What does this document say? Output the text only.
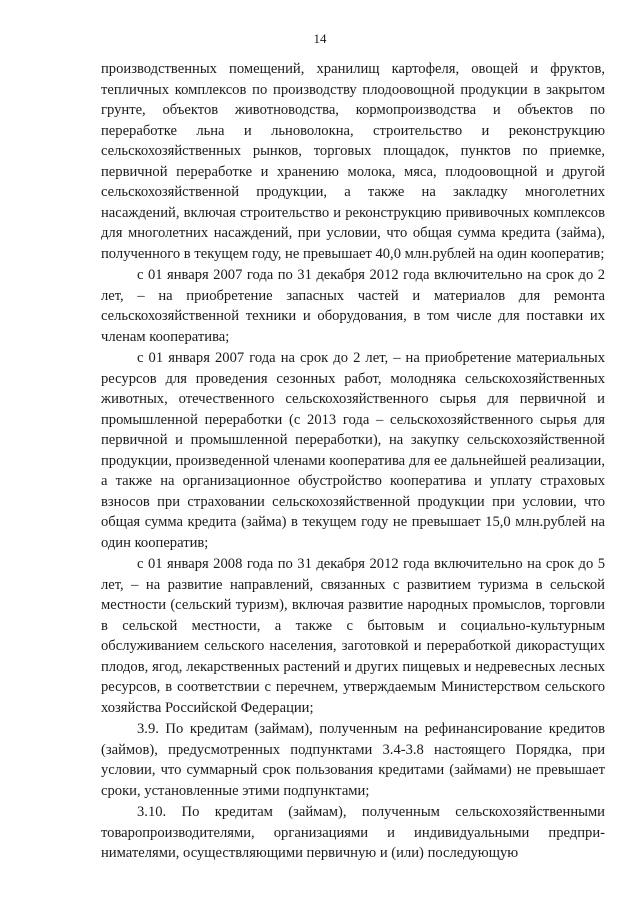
14

производственных помещений, хранилищ картофеля, овощей и фруктов, тепличных комплексов по производству плодоовощной продукции в закрытом грунте, объектов животноводства, кормопроизводства и объектов по переработке льна и льноволокна, строительство и реконструкцию сельскохозяйственных рынков, торговых площадок, пунктов по приемке, первичной переработке и хранению молока, мяса, плодоовощной и другой сельскохозяйственной продукции, а также на закладку многолетних насаждений, включая строительство и реконструкцию прививочных комплексов для многолетних насаждений, при условии, что общая сумма кредита (займа), полученного в текущем году, не превышает 40,0 млн.рублей на один кооператив;

с 01 января 2007 года по 31 декабря 2012 года включительно на срок до 2 лет, – на приобретение запасных частей и материалов для ремонта сельскохозяйственной техники и оборудования, в том числе для поставки их членам кооператива;

с 01 января 2007 года на срок до 2 лет, – на приобретение материальных ресурсов для проведения сезонных работ, молодняка сельскохозяйственных животных, отечественного сельскохозяйственного сырья для первичной и промышленной переработки (с 2013 года – сельскохозяйственного сырья для первичной и промышленной переработки), на закупку сельскохозяйственной продукции, произведенной членами кооператива для ее дальнейшей реализации, а также на организационное обустройство кооператива и уплату страховых взносов при страховании сельскохозяйственной продукции при условии, что общая сумма кредита (займа) в текущем году не превышает 15,0 млн.рублей на один кооператив;

с 01 января 2008 года по 31 декабря 2012 года включительно на срок до 5 лет, – на развитие направлений, связанных с развитием туризма в сельской местности (сельский туризм), включая развитие народных промыслов, торговли в сельской местности, а также с бытовым и социально-культурным обслуживанием сельского населения, заготовкой и переработкой дикорастущих плодов, ягод, лекарственных растений и других пищевых и недревесных лесных ресурсов, в соответствии с перечнем, утверждаемым Министерством сельского хозяйства Российской Федерации;

3.9. По кредитам (займам), полученным на рефинансирование кредитов (займов), предусмотренных подпунктами 3.4-3.8 настоящего Порядка, при условии, что суммарный срок пользования кредитами (займами) не превышает сроки, установленные этими подпунктами;

3.10. По кредитам (займам), полученным сельскохозяйственными товаропроизводителями, организациями и индивидуальными предпри-нимателями, осуществляющими первичную и (или) последующую
